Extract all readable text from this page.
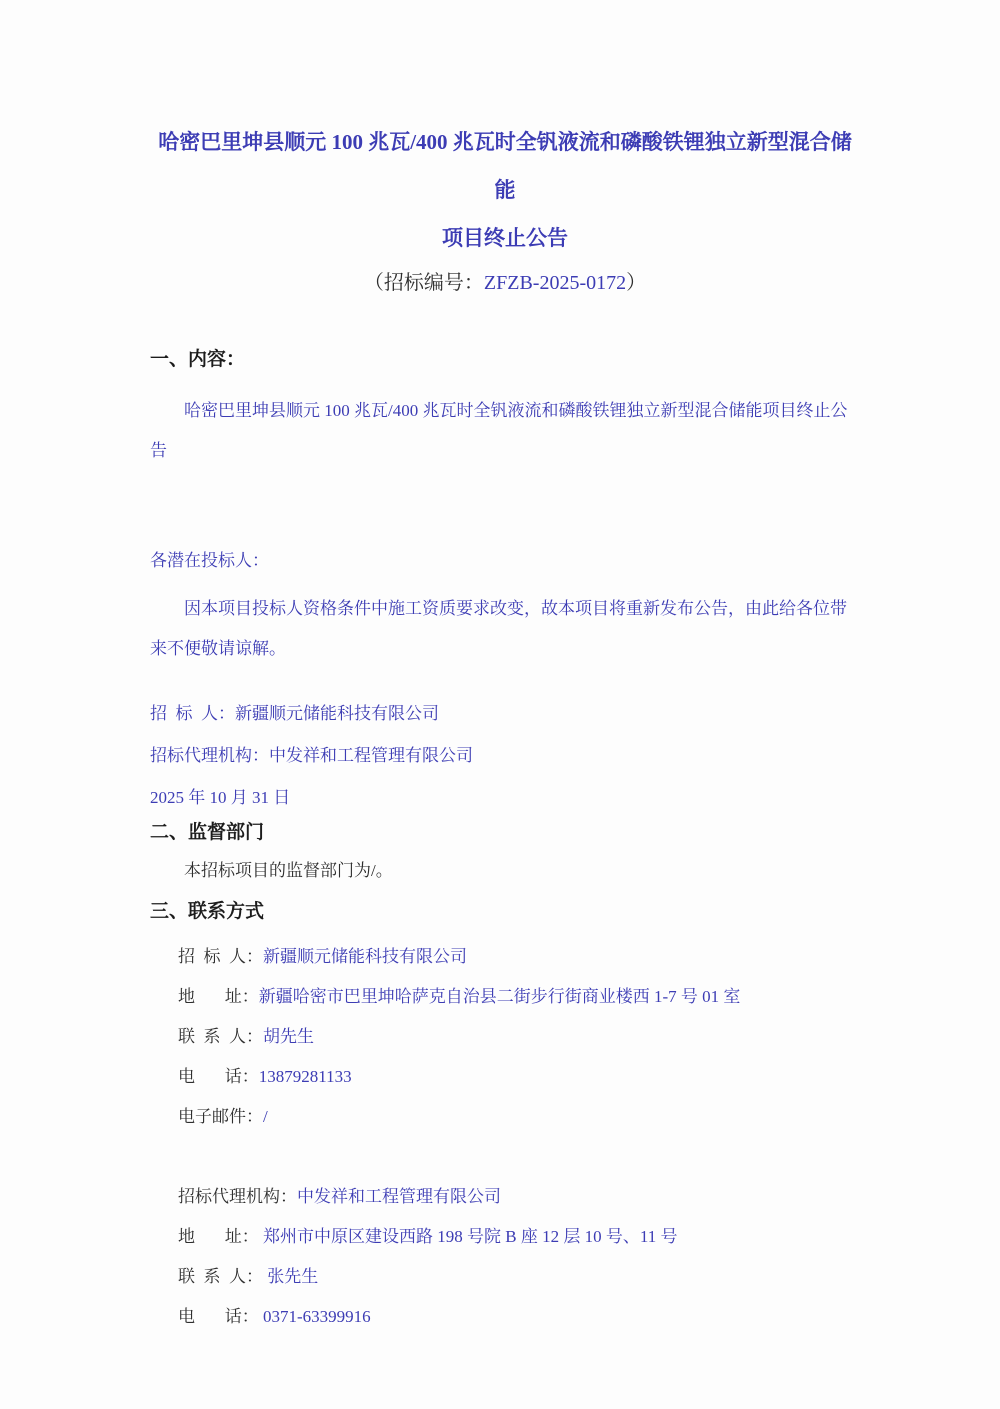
哈密巴里坤县顺元 100 兆瓦/400 兆瓦时全钒液流和磷酸铁锂独立新型混合储能
项目终止公告
（招标编号：ZFZB-2025-0172）
一、内容：

哈密巴里坤县顺元 100 兆瓦/400 兆瓦时全钒液流和磷酸铁锂独立新型混合储能项目终止公告

各潜在投标人：

因本项目投标人资格条件中施工资质要求改变，故本项目将重新发布公告，由此给各位带来不便敬请谅解。

招  标  人：新疆顺元储能科技有限公司
招标代理机构：中发祥和工程管理有限公司
2025 年 10 月 31 日
二、监督部门

本招标项目的监督部门为/。

三、联系方式
招  标  人：新疆顺元储能科技有限公司
地       址：新疆哈密市巴里坤哈萨克自治县二街步行街商业楼西 1-7 号 01 室
联  系  人：胡先生
电       话：13879281133
电子邮件：/
招标代理机构：中发祥和工程管理有限公司
地       址： 郑州市中原区建设西路 198 号院 B 座 12 层 10 号、11 号
联  系  人： 张先生
电       话： 0371-63399916
